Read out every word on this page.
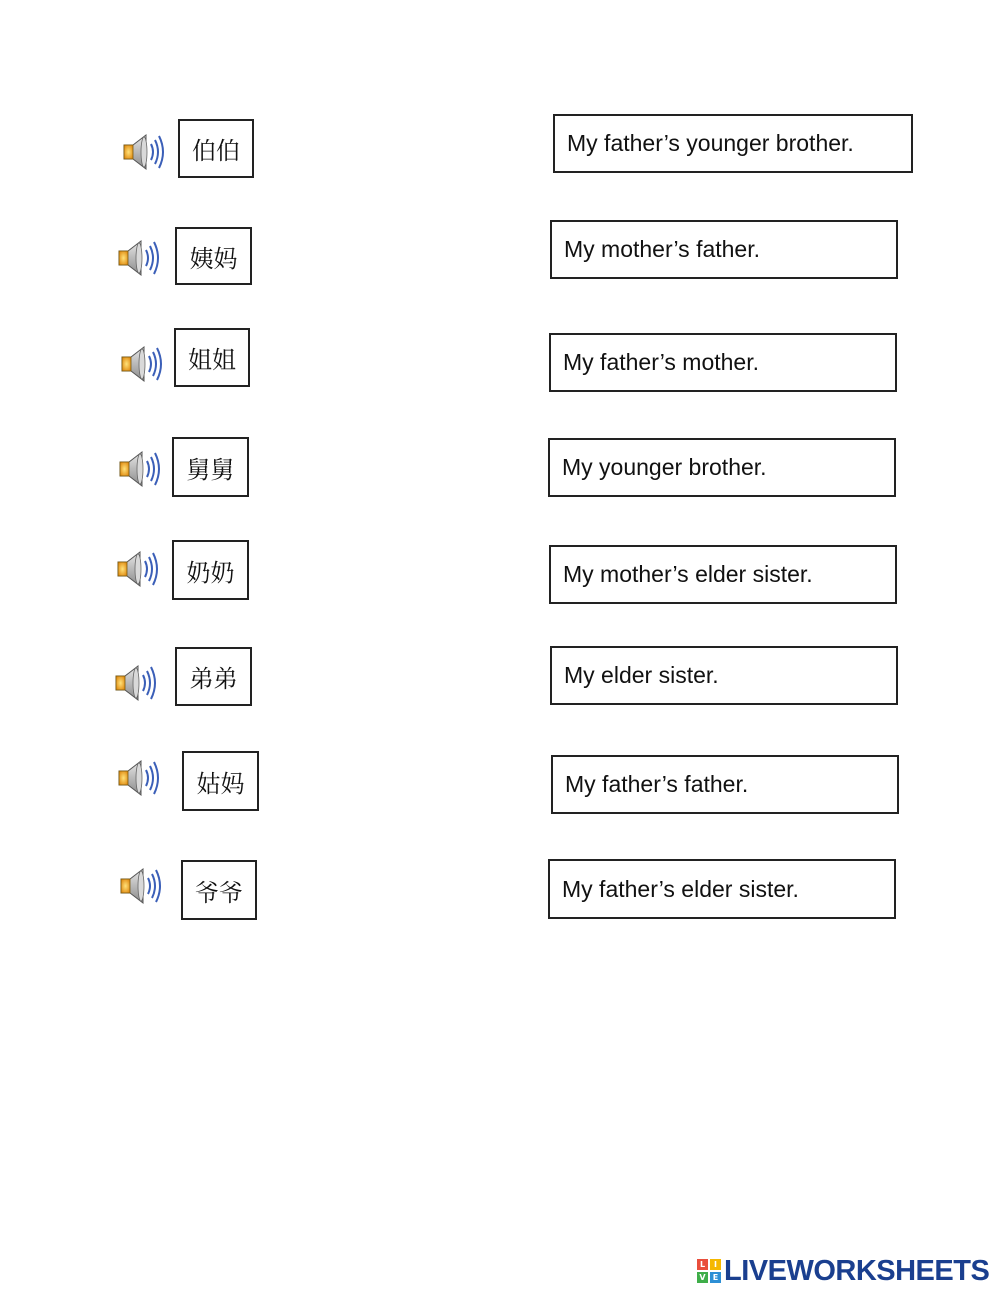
伯伯	My father’s younger brother.
姨妈	My mother’s father.
姐姐	My father’s mother.
舅舅	My younger brother.
奶奶	My mother’s elder sister.
弟弟	My elder sister.
姑妈	My father’s father.
爷爷	My father’s elder sister.
L	I
V E LIVEWORKSHEETS
